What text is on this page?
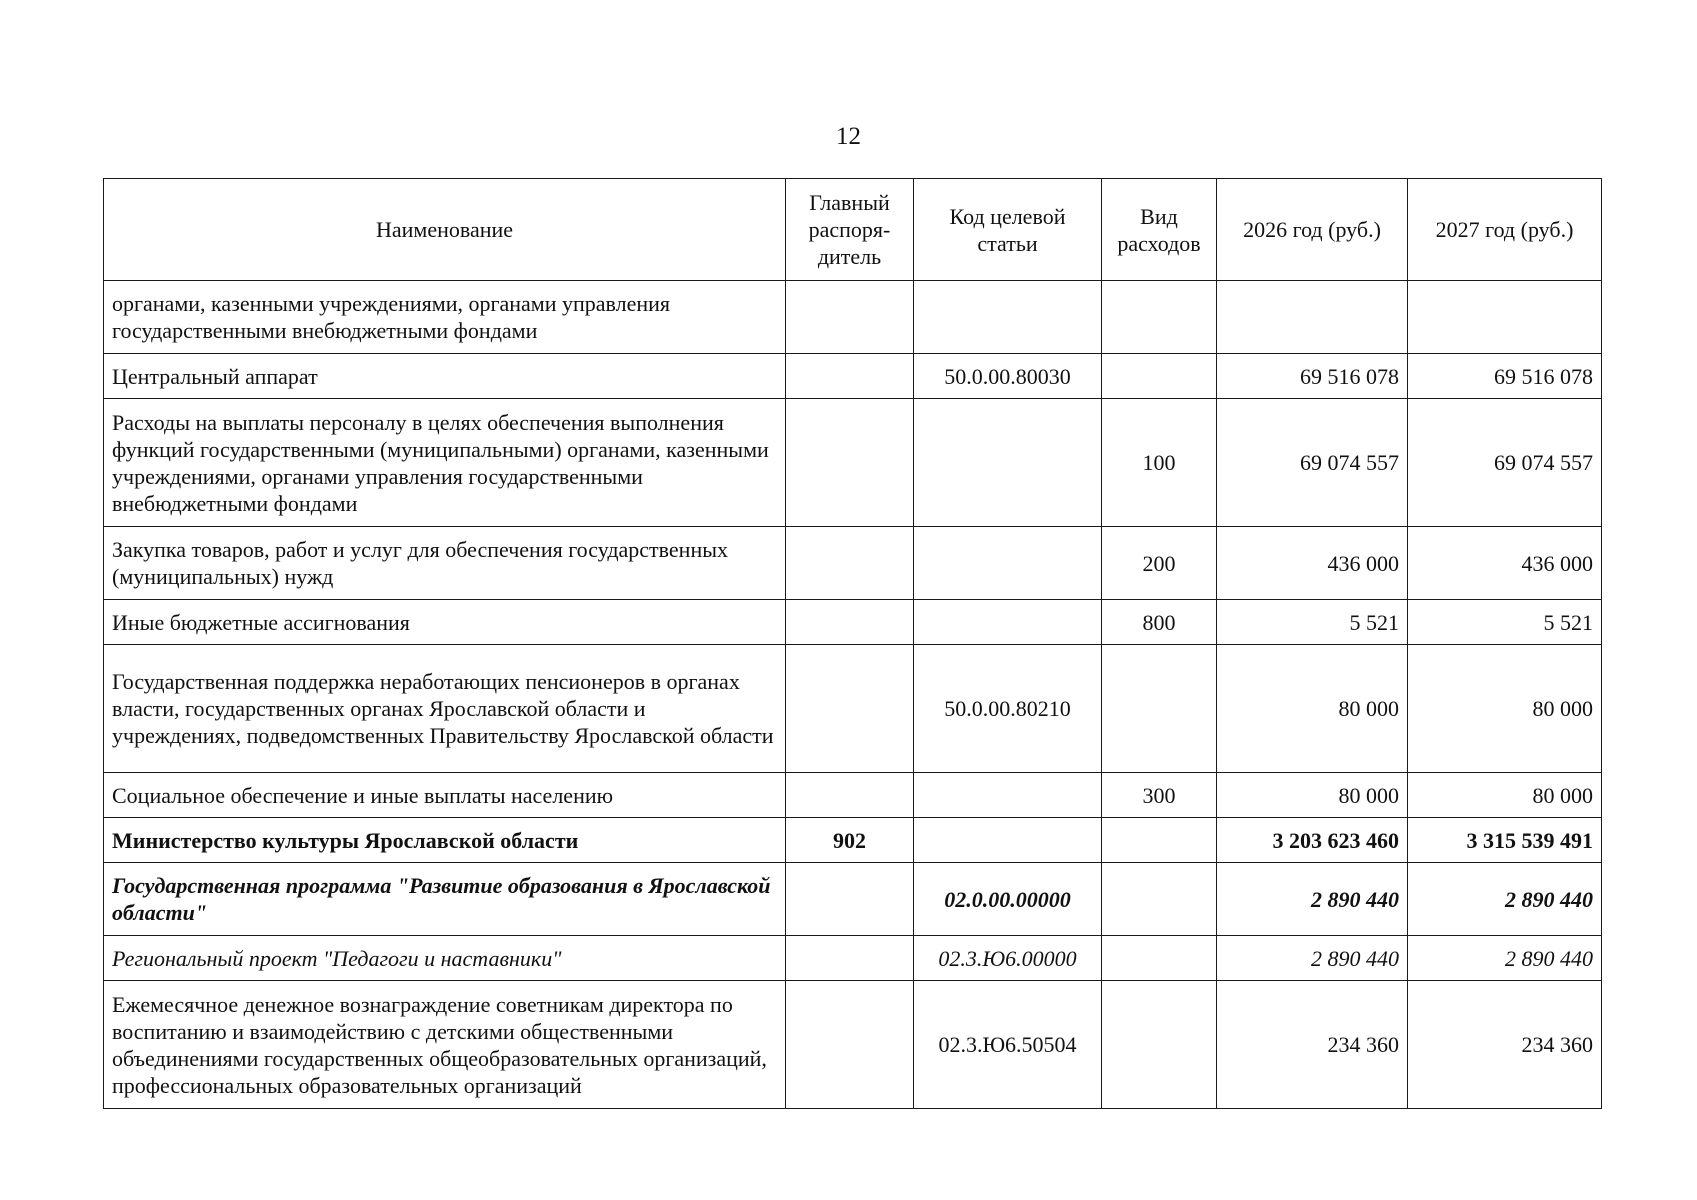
12
Наименование	Главный распоря-дитель	Код целевой статьи	Вид расходов	2026 год (руб.)	2027 год (руб.)
органами, казенными учреждениями, органами управления государственными внебюджетными фондами					
Центральный аппарат		50.0.00.80030		69 516 078	69 516 078
Расходы на выплаты персоналу в целях обеспечения выполнения функций государственными (муниципальными) органами, казенными учреждениями, органами управления государственными внебюджетными фондами			100	69 074 557	69 074 557
Закупка товаров, работ и услуг для обеспечения государственных (муниципальных) нужд			200	436 000	436 000
Иные бюджетные ассигнования			800	5 521	5 521
Государственная поддержка неработающих пенсионеров в органах власти, государственных органах Ярославской области и учреждениях, подведомственных Правительству Ярославской области		50.0.00.80210		80 000	80 000
Социальное обеспечение и иные выплаты населению			300	80 000	80 000
Министерство культуры Ярославской области	902			3 203 623 460	3 315 539 491
Государственная программа "Развитие образования в Ярославской области"		02.0.00.00000		2 890 440	2 890 440
Региональный проект "Педагоги и наставники"		02.3.Ю6.00000		2 890 440	2 890 440
Ежемесячное денежное вознаграждение советникам директора по воспитанию и взаимодействию с детскими общественными объединениями государственных общеобразовательных организаций, профессиональных образовательных организаций		02.3.Ю6.50504		234 360	234 360
